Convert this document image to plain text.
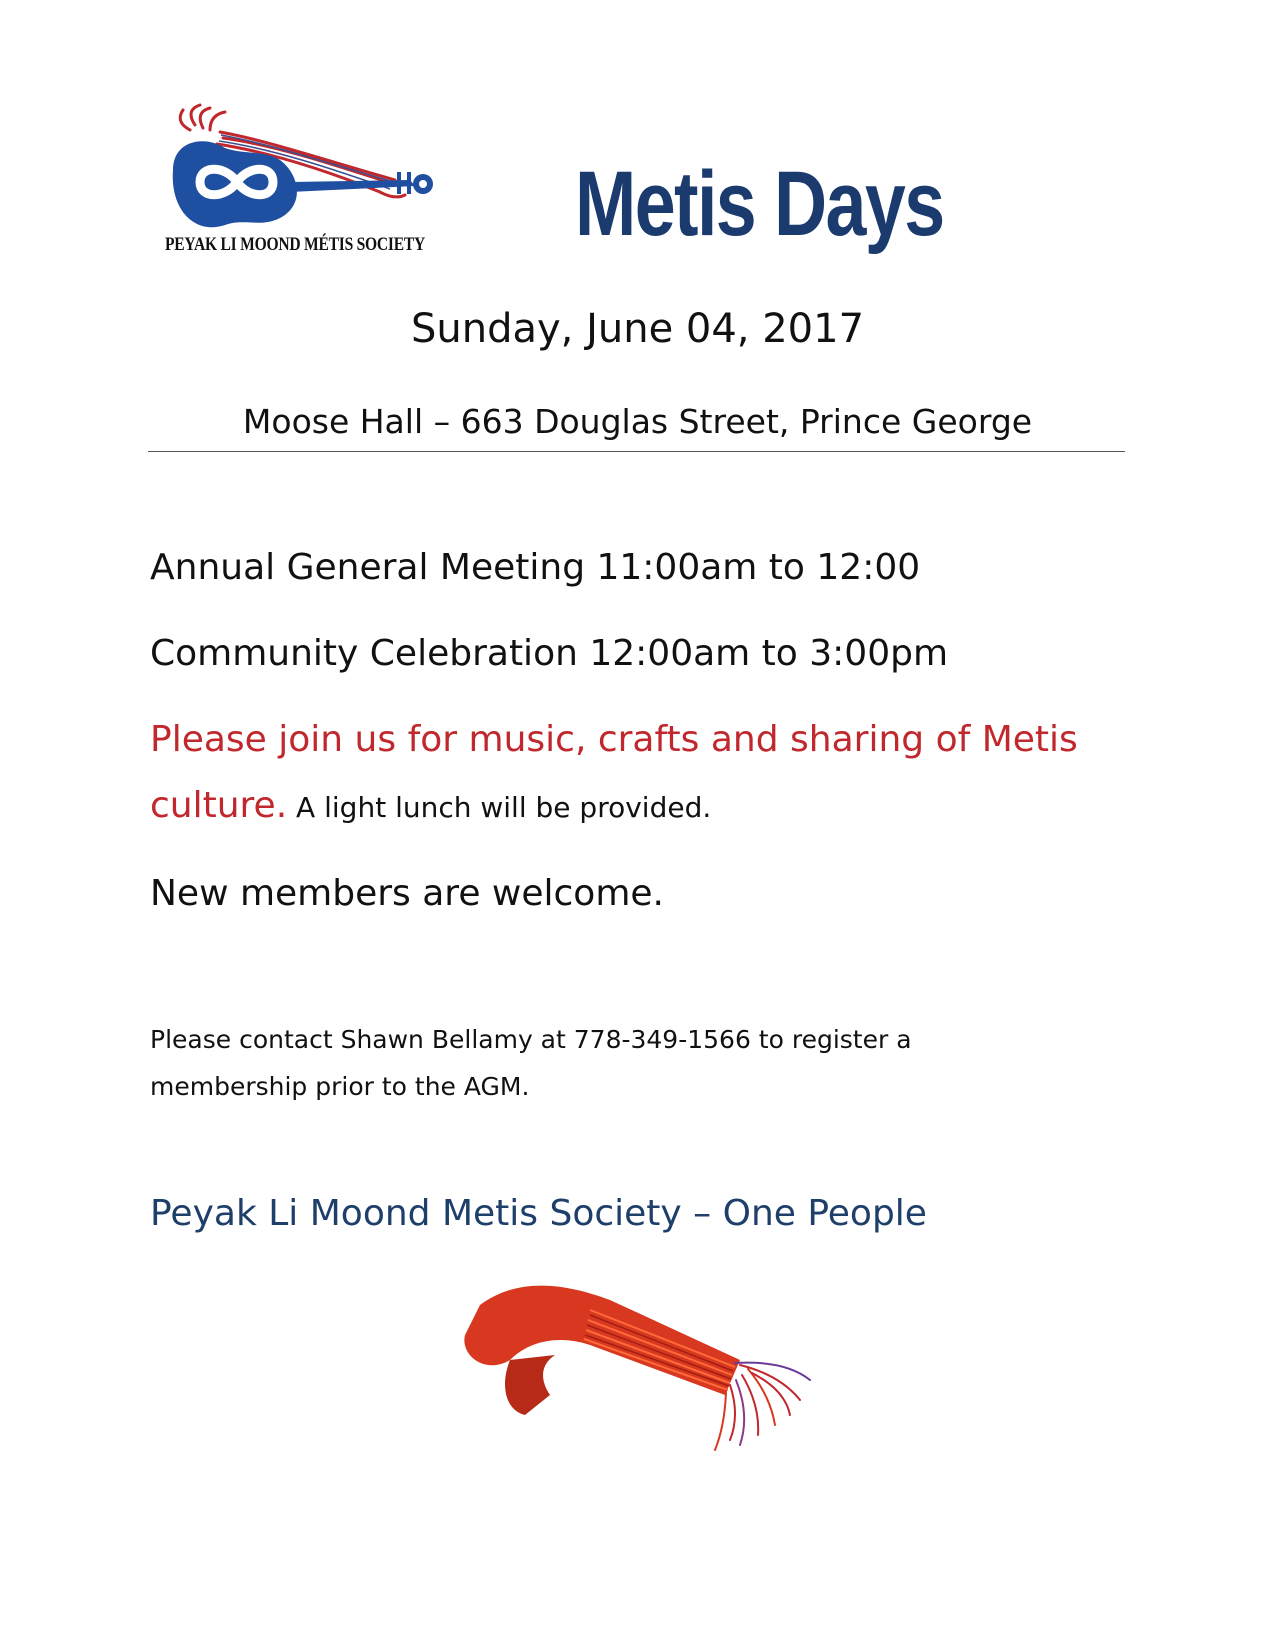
PEYAK LI MOOND MÉTIS SOCIETY Metis Days
Sunday, June 04, 2017
Moose Hall – 663 Douglas Street, Prince George
Annual General Meeting 11:00am to 12:00
Community Celebration 12:00am to 3:00pm
Please join us for music, crafts and sharing of Metis
culture. A light lunch will be provided.
New members are welcome.
Please contact Shawn Bellamy at 778-349-1566 to register a
membership prior to the AGM.
Peyak Li Moond Metis Society – One People
